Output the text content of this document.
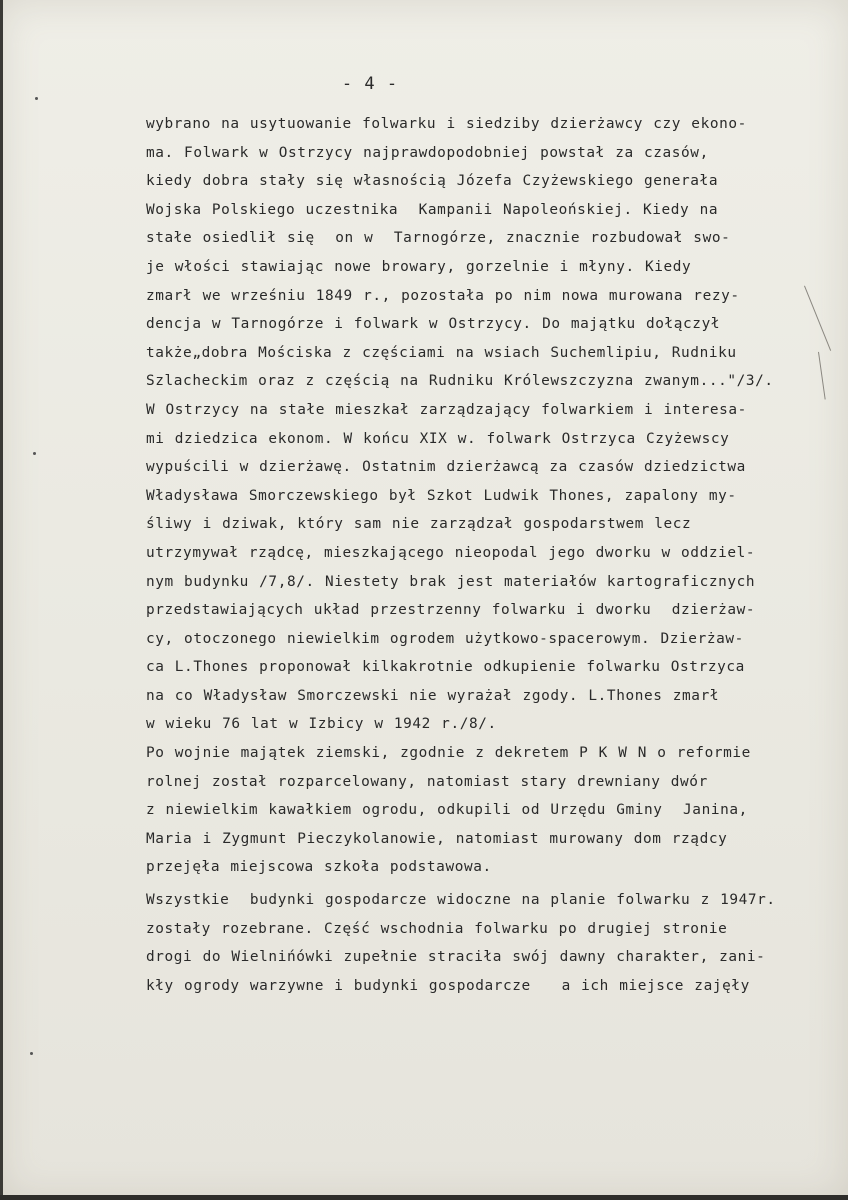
- 4 -
wybrano na usytuowanie folwarku i siedziby dzierżawcy czy ekono-
ma. Folwark w Ostrzycy najprawdopodobniej powstał za czasów,
kiedy dobra stały się własnością Józefa Czyżewskiego generała
Wojska Polskiego uczestnika  Kampanii Napoleońskiej. Kiedy na
stałe osiedlił się  on w  Tarnogórze, znacznie rozbudował swo-
je włości stawiając nowe browary, gorzelnie i młyny. Kiedy
zmarł we wrześniu 1849 r., pozostała po nim nowa murowana rezy-
dencja w Tarnogórze i folwark w Ostrzycy. Do majątku dołączył
także„dobra Mościska z częściami na wsiach Suchemlipiu, Rudniku
Szlacheckim oraz z częścią na Rudniku Królewszczyzna zwanym..."/3/.
W Ostrzycy na stałe mieszkał zarządzający folwarkiem i interesa-
mi dziedzica ekonom. W końcu XIX w. folwark Ostrzyca Czyżewscy
wypuścili w dzierżawę. Ostatnim dzierżawcą za czasów dziedzictwa
Władysława Smorczewskiego był Szkot Ludwik Thones, zapalony my-
śliwy i dziwak, który sam nie zarządzał gospodarstwem lecz
utrzymywał rządcę, mieszkającego nieopodal jego dworku w oddziel-
nym budynku /7,8/. Niestety brak jest materiałów kartograficznych
przedstawiających układ przestrzenny folwarku i dworku  dzierżaw-
cy, otoczonego niewielkim ogrodem użytkowo-spacerowym. Dzierżaw-
ca L.Thones proponował kilkakrotnie odkupienie folwarku Ostrzyca
na co Władysław Smorczewski nie wyrażał zgody. L.Thones zmarł
w wieku 76 lat w Izbicy w 1942 r./8/.
Po wojnie majątek ziemski, zgodnie z dekretem P K W N o reformie
rolnej został rozparcelowany, natomiast stary drewniany dwór
z niewielkim kawałkiem ogrodu, odkupili od Urzędu Gminy  Janina,
Maria i Zygmunt Pieczykolanowie, natomiast murowany dom rządcy
przejęła miejscowa szkoła podstawowa.
Wszystkie  budynki gospodarcze widoczne na planie folwarku z 1947r.
zostały rozebrane. Część wschodnia folwarku po drugiej stronie
drogi do Wielnińówki zupełnie straciła swój dawny charakter, zani-
kły ogrody warzywne i budynki gospodarcze   a ich miejsce zajęły
